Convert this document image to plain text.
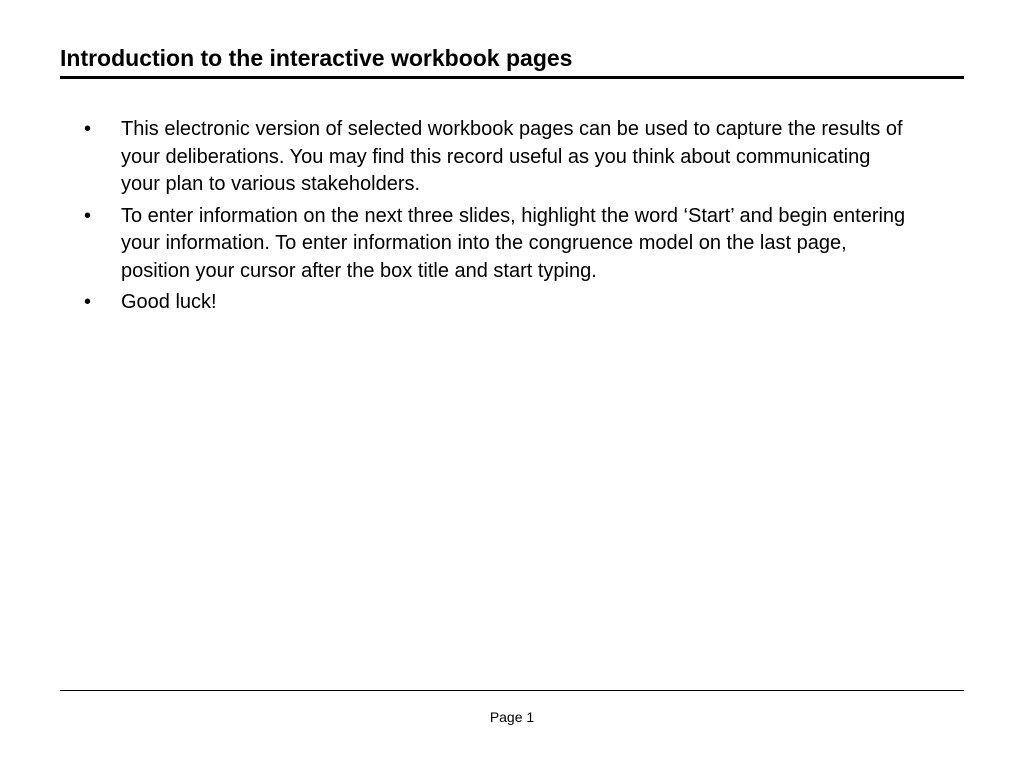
Introduction to the interactive workbook pages
• This electronic version of selected workbook pages can be used to capture the results of your deliberations. You may find this record useful as you think about communicating your plan to various stakeholders.
• To enter information on the next three slides, highlight the word ‘Start’ and begin entering your information. To enter information into the congruence model on the last page, position your cursor after the box title and start typing.
• Good luck!
Page 1
